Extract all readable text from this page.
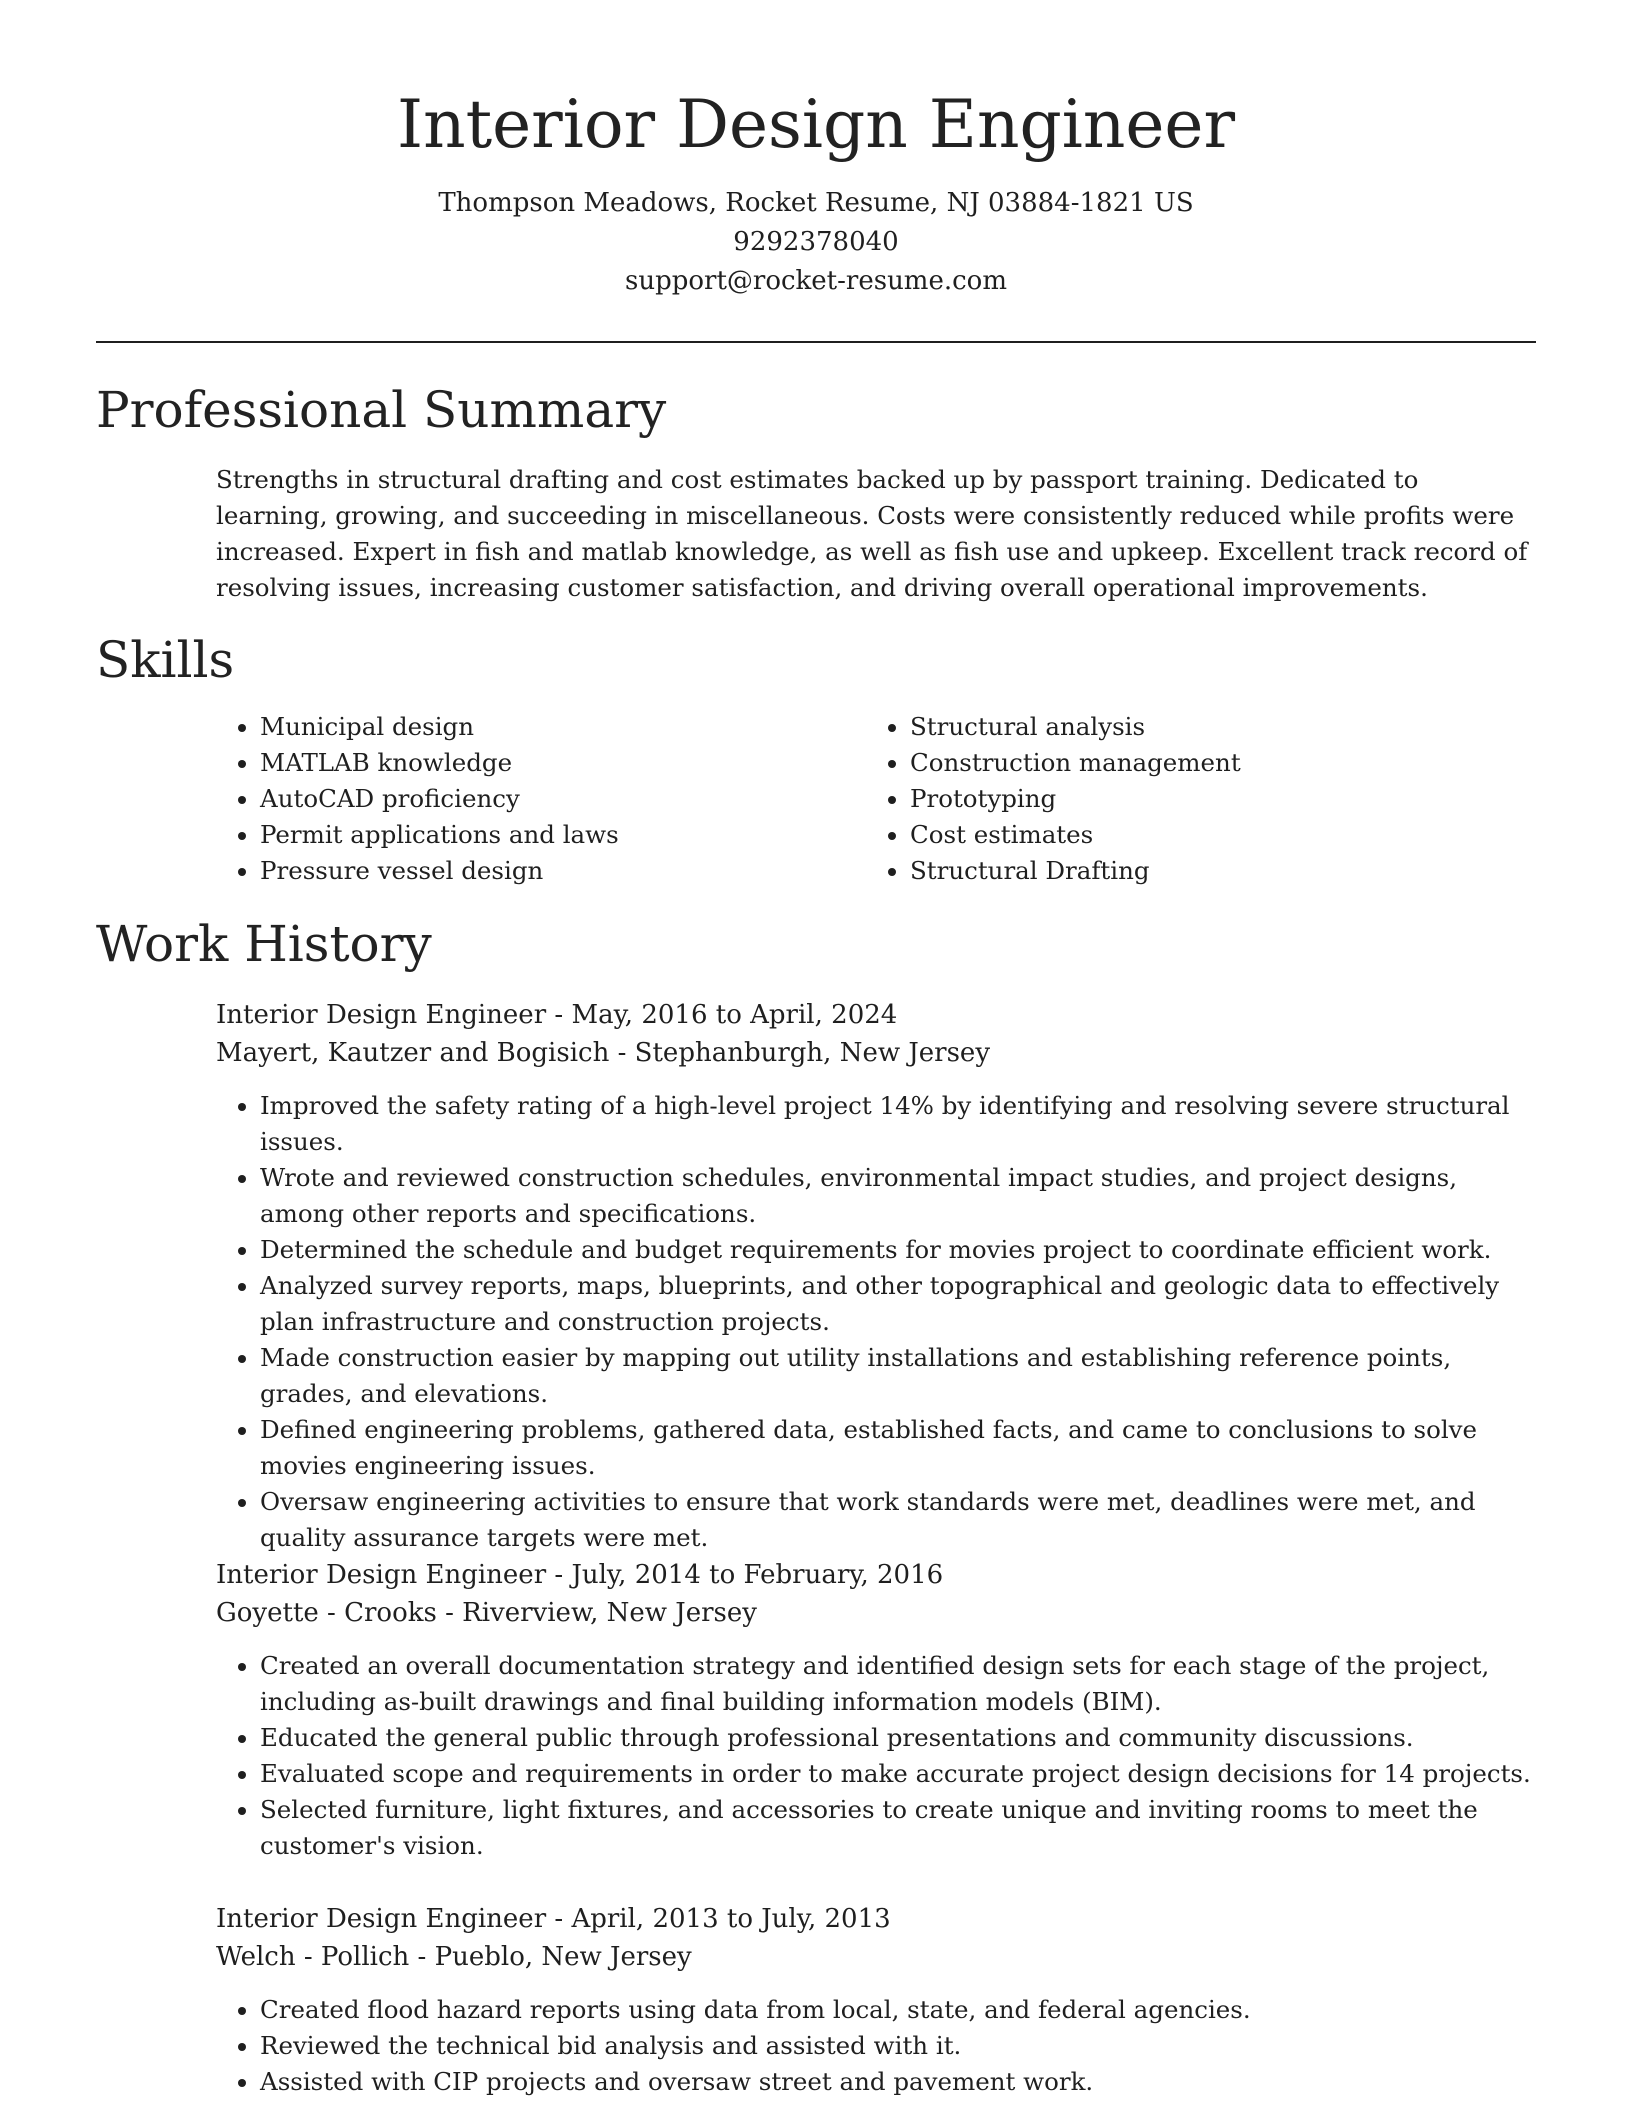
Interior Design Engineer

Thompson Meadows, Rocket Resume, NJ 03884-1821 US

9292378040

support@rocket-resume.com

Professional Summary

Strengths in structural drafting and cost estimates backed up by passport training. Dedicated to learning, growing, and succeeding in miscellaneous. Costs were consistently reduced while profits were increased. Expert in fish and matlab knowledge, as well as fish use and upkeep. Excellent track record of resolving issues, increasing customer satisfaction, and driving overall operational improvements.

Skills
• Municipal design
• MATLAB knowledge
• AutoCAD proficiency
• Permit applications and laws
• Pressure vessel design
• Structural analysis
• Construction management
• Prototyping
• Cost estimates
• Structural Drafting
Work History

Interior Design Engineer - May, 2016 to April, 2024

Mayert, Kautzer and Bogisich - Stephanburgh, New Jersey

• Improved the safety rating of a high-level project 14% by identifying and resolving severe structural issues.
• Wrote and reviewed construction schedules, environmental impact studies, and project designs, among other reports and specifications.
• Determined the schedule and budget requirements for movies project to coordinate efficient work.
• Analyzed survey reports, maps, blueprints, and other topographical and geologic data to effectively plan infrastructure and construction projects.
• Made construction easier by mapping out utility installations and establishing reference points, grades, and elevations.
• Defined engineering problems, gathered data, established facts, and came to conclusions to solve movies engineering issues.
• Oversaw engineering activities to ensure that work standards were met, deadlines were met, and quality assurance targets were met.

Interior Design Engineer - July, 2014 to February, 2016

Goyette - Crooks - Riverview, New Jersey

• Created an overall documentation strategy and identified design sets for each stage of the project, including as-built drawings and final building information models (BIM).
• Educated the general public through professional presentations and community discussions.
• Evaluated scope and requirements in order to make accurate project design decisions for 14 projects.
• Selected furniture, light fixtures, and accessories to create unique and inviting rooms to meet the customer's vision.

Interior Design Engineer - April, 2013 to July, 2013

Welch - Pollich - Pueblo, New Jersey

• Created flood hazard reports using data from local, state, and federal agencies.
• Reviewed the technical bid analysis and assisted with it.
• Assisted with CIP projects and oversaw street and pavement work.
